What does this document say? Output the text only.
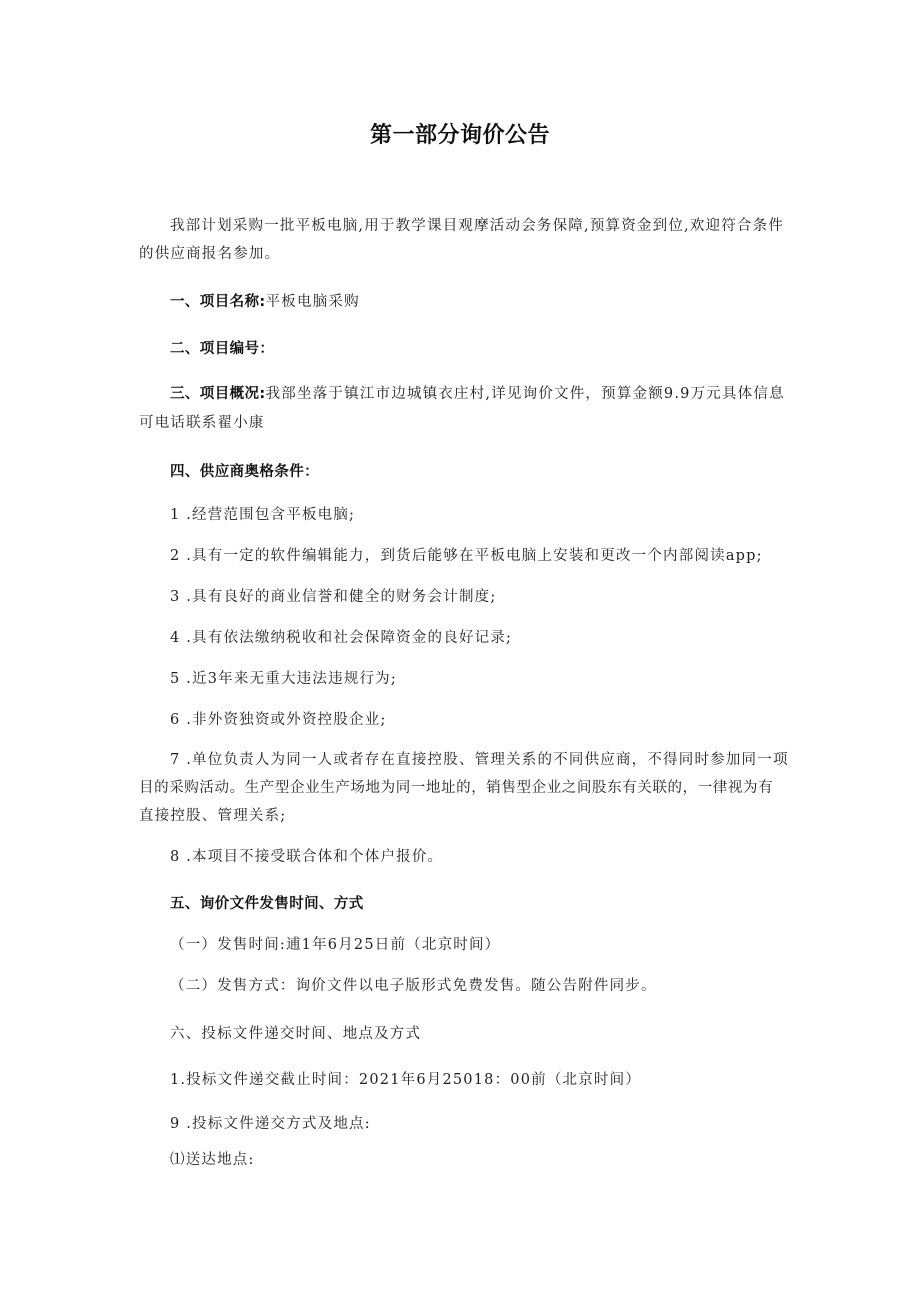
第一部分询价公告
我部计划采购一批平板电脑,用于教学课目观摩活动会务保障,预算资金到位,欢迎符合条件
的供应商报名参加。
一、项目名称:平板电脑采购
二、项目编号：
三、项目概况:我部坐落于镇江市边城镇衣庄村,详见询价文件，预算金额9.9万元具体信息
可电话联系翟小康
四、供应商奥格条件：
1 .经营范围包含平板电脑;
2 .具有一定的软件编辑能力，到货后能够在平板电脑上安装和更改一个内部阅读app;
3 .具有良好的商业信誉和健全的财务会计制度;
4 .具有依法缴纳税收和社会保障资金的良好记录;
5 .近3年来无重大违法违规行为;
6 .非外资独资或外资控股企业;
7 .单位负责人为同一人或者存在直接控股、管理关系的不同供应商，不得同时参加同一项
目的采购活动。生产型企业生产场地为同一地址的，销售型企业之间股东有关联的，一律视为有
直接控股、管理关系;
8 .本项目不接受联合体和个体户报价。
五、询价文件发售时间、方式
（一）发售时间:逋1年6月25日前（北京时间）
（二）发售方式：询价文件以电子版形式免费发售。随公告附件同步。
六、投标文件递交时间、地点及方式
1.投标文件递交截止时间：2021年6月25018：00前（北京时间）
9 .投标文件递交方式及地点:
⑴送达地点:
